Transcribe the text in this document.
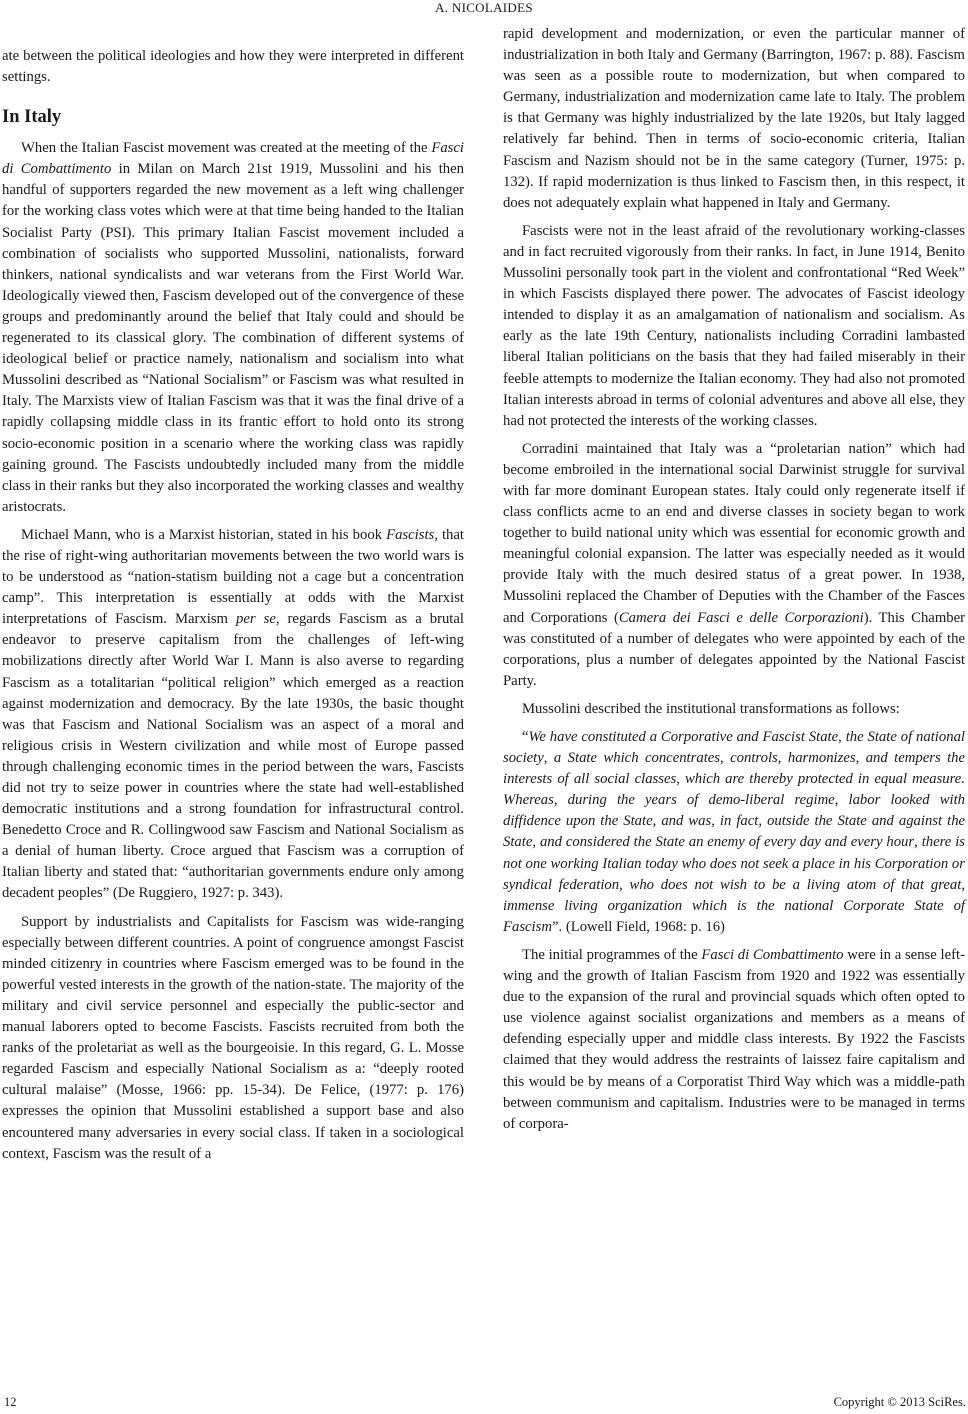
A. NICOLAIDES

ate between the political ideologies and how they were interpreted in different settings.

In Italy

When the Italian Fascist movement was created at the meeting of the Fasci di Combattimento in Milan on March 21st 1919, Mussolini and his then handful of supporters regarded the new movement as a left wing challenger for the working class votes which were at that time being handed to the Italian Socialist Party (PSI). This primary Italian Fascist movement included a combination of socialists who supported Mussolini, nationalists, forward thinkers, national syndicalists and war veterans from the First World War. Ideologically viewed then, Fascism developed out of the convergence of these groups and predominantly around the belief that Italy could and should be regenerated to its classical glory. The combination of different systems of ideological belief or practice namely, nationalism and socialism into what Mussolini described as “National Socialism” or Fascism was what resulted in Italy. The Marxists view of Italian Fascism was that it was the final drive of a rapidly collapsing middle class in its frantic effort to hold onto its strong socio-economic position in a scenario where the working class was rapidly gaining ground. The Fascists undoubtedly included many from the middle class in their ranks but they also incorporated the working classes and wealthy aristocrats.

Michael Mann, who is a Marxist historian, stated in his book Fascists, that the rise of right-wing authoritarian movements between the two world wars is to be understood as “nation-statism building not a cage but a concentration camp”. This interpretation is essentially at odds with the Marxist interpretations of Fascism. Marxism per se, regards Fascism as a brutal endeavor to preserve capitalism from the challenges of left-wing mobilizations directly after World War I. Mann is also averse to regarding Fascism as a totalitarian “political religion” which emerged as a reaction against modernization and democracy. By the late 1930s, the basic thought was that Fascism and National Socialism was an aspect of a moral and religious crisis in Western civilization and while most of Europe passed through challenging economic times in the period between the wars, Fascists did not try to seize power in countries where the state had well-established democratic institutions and a strong foundation for infrastructural control. Benedetto Croce and R. Collingwood saw Fascism and National Socialism as a denial of human liberty. Croce argued that Fascism was a corruption of Italian liberty and stated that: “authoritarian governments endure only among decadent peoples” (De Ruggiero, 1927: p. 343).

Support by industrialists and Capitalists for Fascism was wide-ranging especially between different countries. A point of congruence amongst Fascist minded citizenry in countries where Fascism emerged was to be found in the powerful vested interests in the growth of the nation-state. The majority of the military and civil service personnel and especially the public-sector and manual laborers opted to become Fascists. Fascists recruited from both the ranks of the proletariat as well as the bourgeoisie. In this regard, G. L. Mosse regarded Fascism and especially National Socialism as a: “deeply rooted cultural malaise” (Mosse, 1966: pp. 15-34). De Felice, (1977: p. 176) expresses the opinion that Mussolini established a support base and also encountered many adversaries in every social class. If taken in a sociological context, Fascism was the result of a

rapid development and modernization, or even the particular manner of industrialization in both Italy and Germany (Barrington, 1967: p. 88). Fascism was seen as a possible route to modernization, but when compared to Germany, industrialization and modernization came late to Italy. The problem is that Germany was highly industrialized by the late 1920s, but Italy lagged relatively far behind. Then in terms of socio-economic criteria, Italian Fascism and Nazism should not be in the same category (Turner, 1975: p. 132). If rapid modernization is thus linked to Fascism then, in this respect, it does not adequately explain what happened in Italy and Germany.

Fascists were not in the least afraid of the revolutionary working-classes and in fact recruited vigorously from their ranks. In fact, in June 1914, Benito Mussolini personally took part in the violent and confrontational “Red Week” in which Fascists displayed there power. The advocates of Fascist ideology intended to display it as an amalgamation of nationalism and socialism. As early as the late 19th Century, nationalists including Corradini lambasted liberal Italian politicians on the basis that they had failed miserably in their feeble attempts to modernize the Italian economy. They had also not promoted Italian interests abroad in terms of colonial adventures and above all else, they had not protected the interests of the working classes.

Corradini maintained that Italy was a “proletarian nation” which had become embroiled in the international social Darwinist struggle for survival with far more dominant European states. Italy could only regenerate itself if class conflicts acme to an end and diverse classes in society began to work together to build national unity which was essential for economic growth and meaningful colonial expansion. The latter was especially needed as it would provide Italy with the much desired status of a great power. In 1938, Mussolini replaced the Chamber of Deputies with the Chamber of the Fasces and Corporations (Camera dei Fasci e delle Corporazioni). This Chamber was constituted of a number of delegates who were appointed by each of the corporations, plus a number of delegates appointed by the National Fascist Party.

Mussolini described the institutional transformations as follows:

“We have constituted a Corporative and Fascist State, the State of national society, a State which concentrates, controls, harmonizes, and tempers the interests of all social classes, which are thereby protected in equal measure. Whereas, during the years of demo-liberal regime, labor looked with diffidence upon the State, and was, in fact, outside the State and against the State, and considered the State an enemy of every day and every hour, there is not one working Italian today who does not seek a place in his Corporation or syndical federation, who does not wish to be a living atom of that great, immense living organization which is the national Corporate State of Fascism”. (Lowell Field, 1968: p. 16)

The initial programmes of the Fasci di Combattimento were in a sense left-wing and the growth of Italian Fascism from 1920 and 1922 was essentially due to the expansion of the rural and provincial squads which often opted to use violence against socialist organizations and members as a means of defending especially upper and middle class interests. By 1922 the Fascists claimed that they would address the restraints of laissez faire capitalism and this would be by means of a Corporatist Third Way which was a middle-path between communism and capitalism. Industries were to be managed in terms of corpora-

12	Copyright © 2013 SciRes.
